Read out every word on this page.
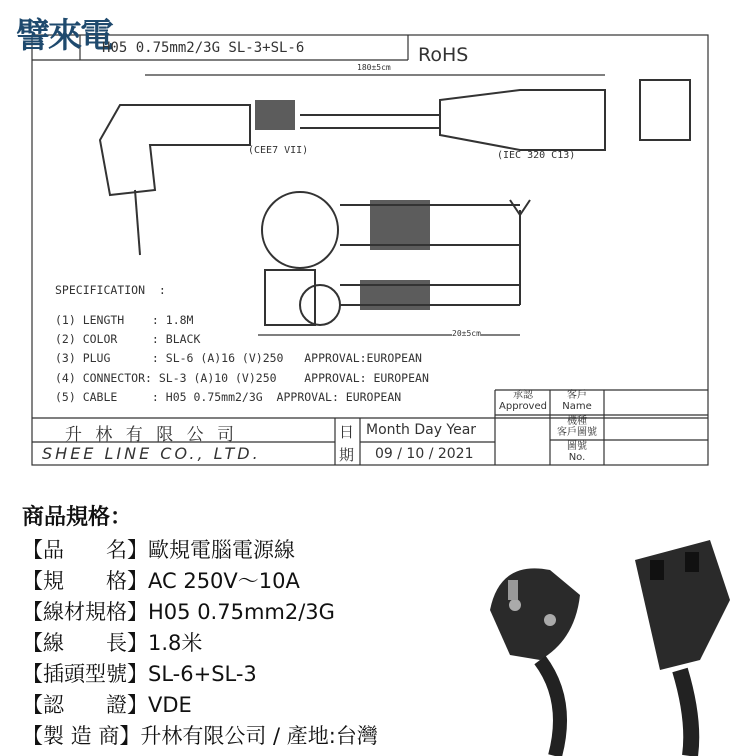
譬來電
H05 0.75mm2/3G SL-3+SL-6	RoHS
180±5cm
20±5cm
(CEE7 VII)	(IEC 320 C13)
SPECIFICATION  :
(1) LENGTH    : 1.8M
(2) COLOR     : BLACK
(3) PLUG      : SL-6 (A)16 (V)250   APPROVAL:EUROPEAN
(4) CONNECTOR: SL-3 (A)10 (V)250    APPROVAL: EUROPEAN
(5) CABLE     : H05 0.75mm2/3G  APPROVAL: EUROPEAN
升 林 有 限 公 司
SHEE LINE CO., LTD.
日
期
Month Day Year
09 / 10 / 2021
承認
Approved
客戶
Name
機種
客戶圖號
圖號
No.
商品規格：
【品　　名】歐規電腦電源線
【規　　格】AC 250V～10A
【線材規格】H05 0.75mm2/3G
【線　　長】1.8米
【插頭型號】SL-6+SL-3
【認　　證】VDE
【製 造 商】升林有限公司 / 產地:台灣
